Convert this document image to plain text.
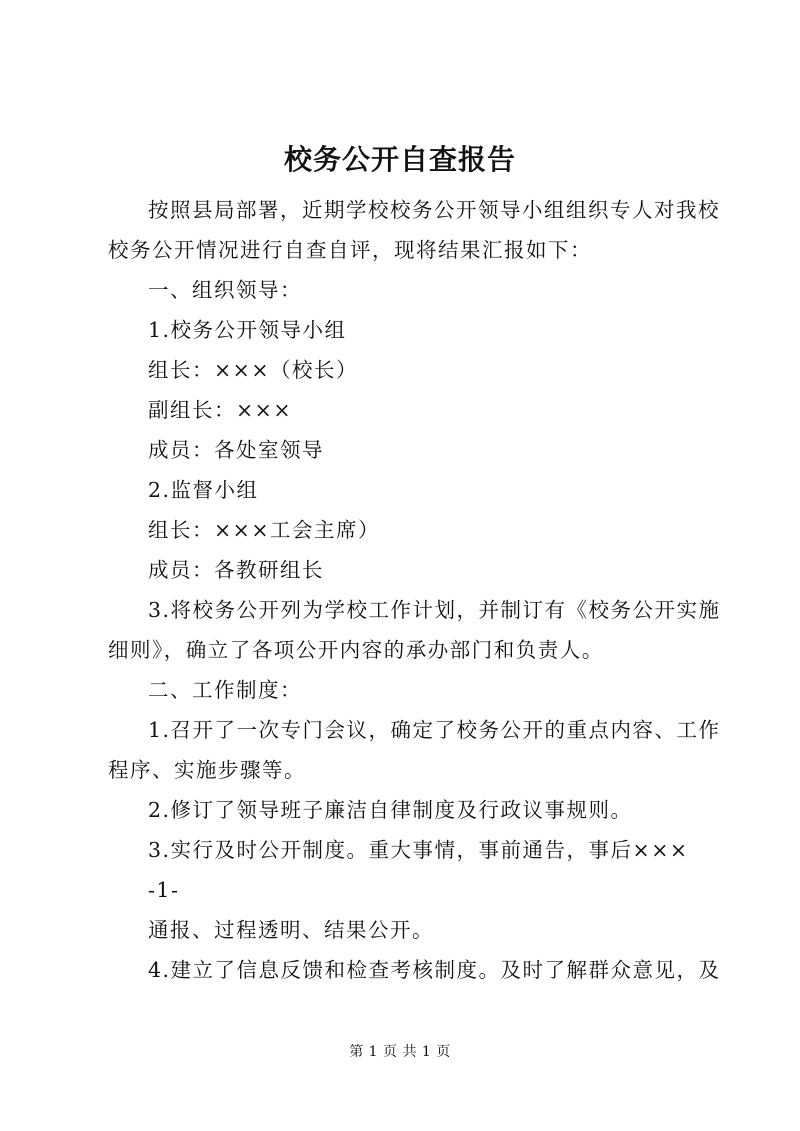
校务公开自查报告
按照县局部署，近期学校校务公开领导小组组织专人对我校
校务公开情况进行自查自评，现将结果汇报如下：
一、组织领导：
1.校务公开领导小组
组长：×××（校长）
副组长：×××
成员：各处室领导
2.监督小组
组长：×××工会主席）
成员：各教研组长
3.将校务公开列为学校工作计划，并制订有《校务公开实施
细则》，确立了各项公开内容的承办部门和负责人。
二、工作制度：
1.召开了一次专门会议，确定了校务公开的重点内容、工作
程序、实施步骤等。
2.修订了领导班子廉洁自律制度及行政议事规则。
3.实行及时公开制度。重大事情，事前通告，事后×××
-1-
通报、过程透明、结果公开。
4.建立了信息反馈和检查考核制度。及时了解群众意见，及
第 1 页 共 1 页
